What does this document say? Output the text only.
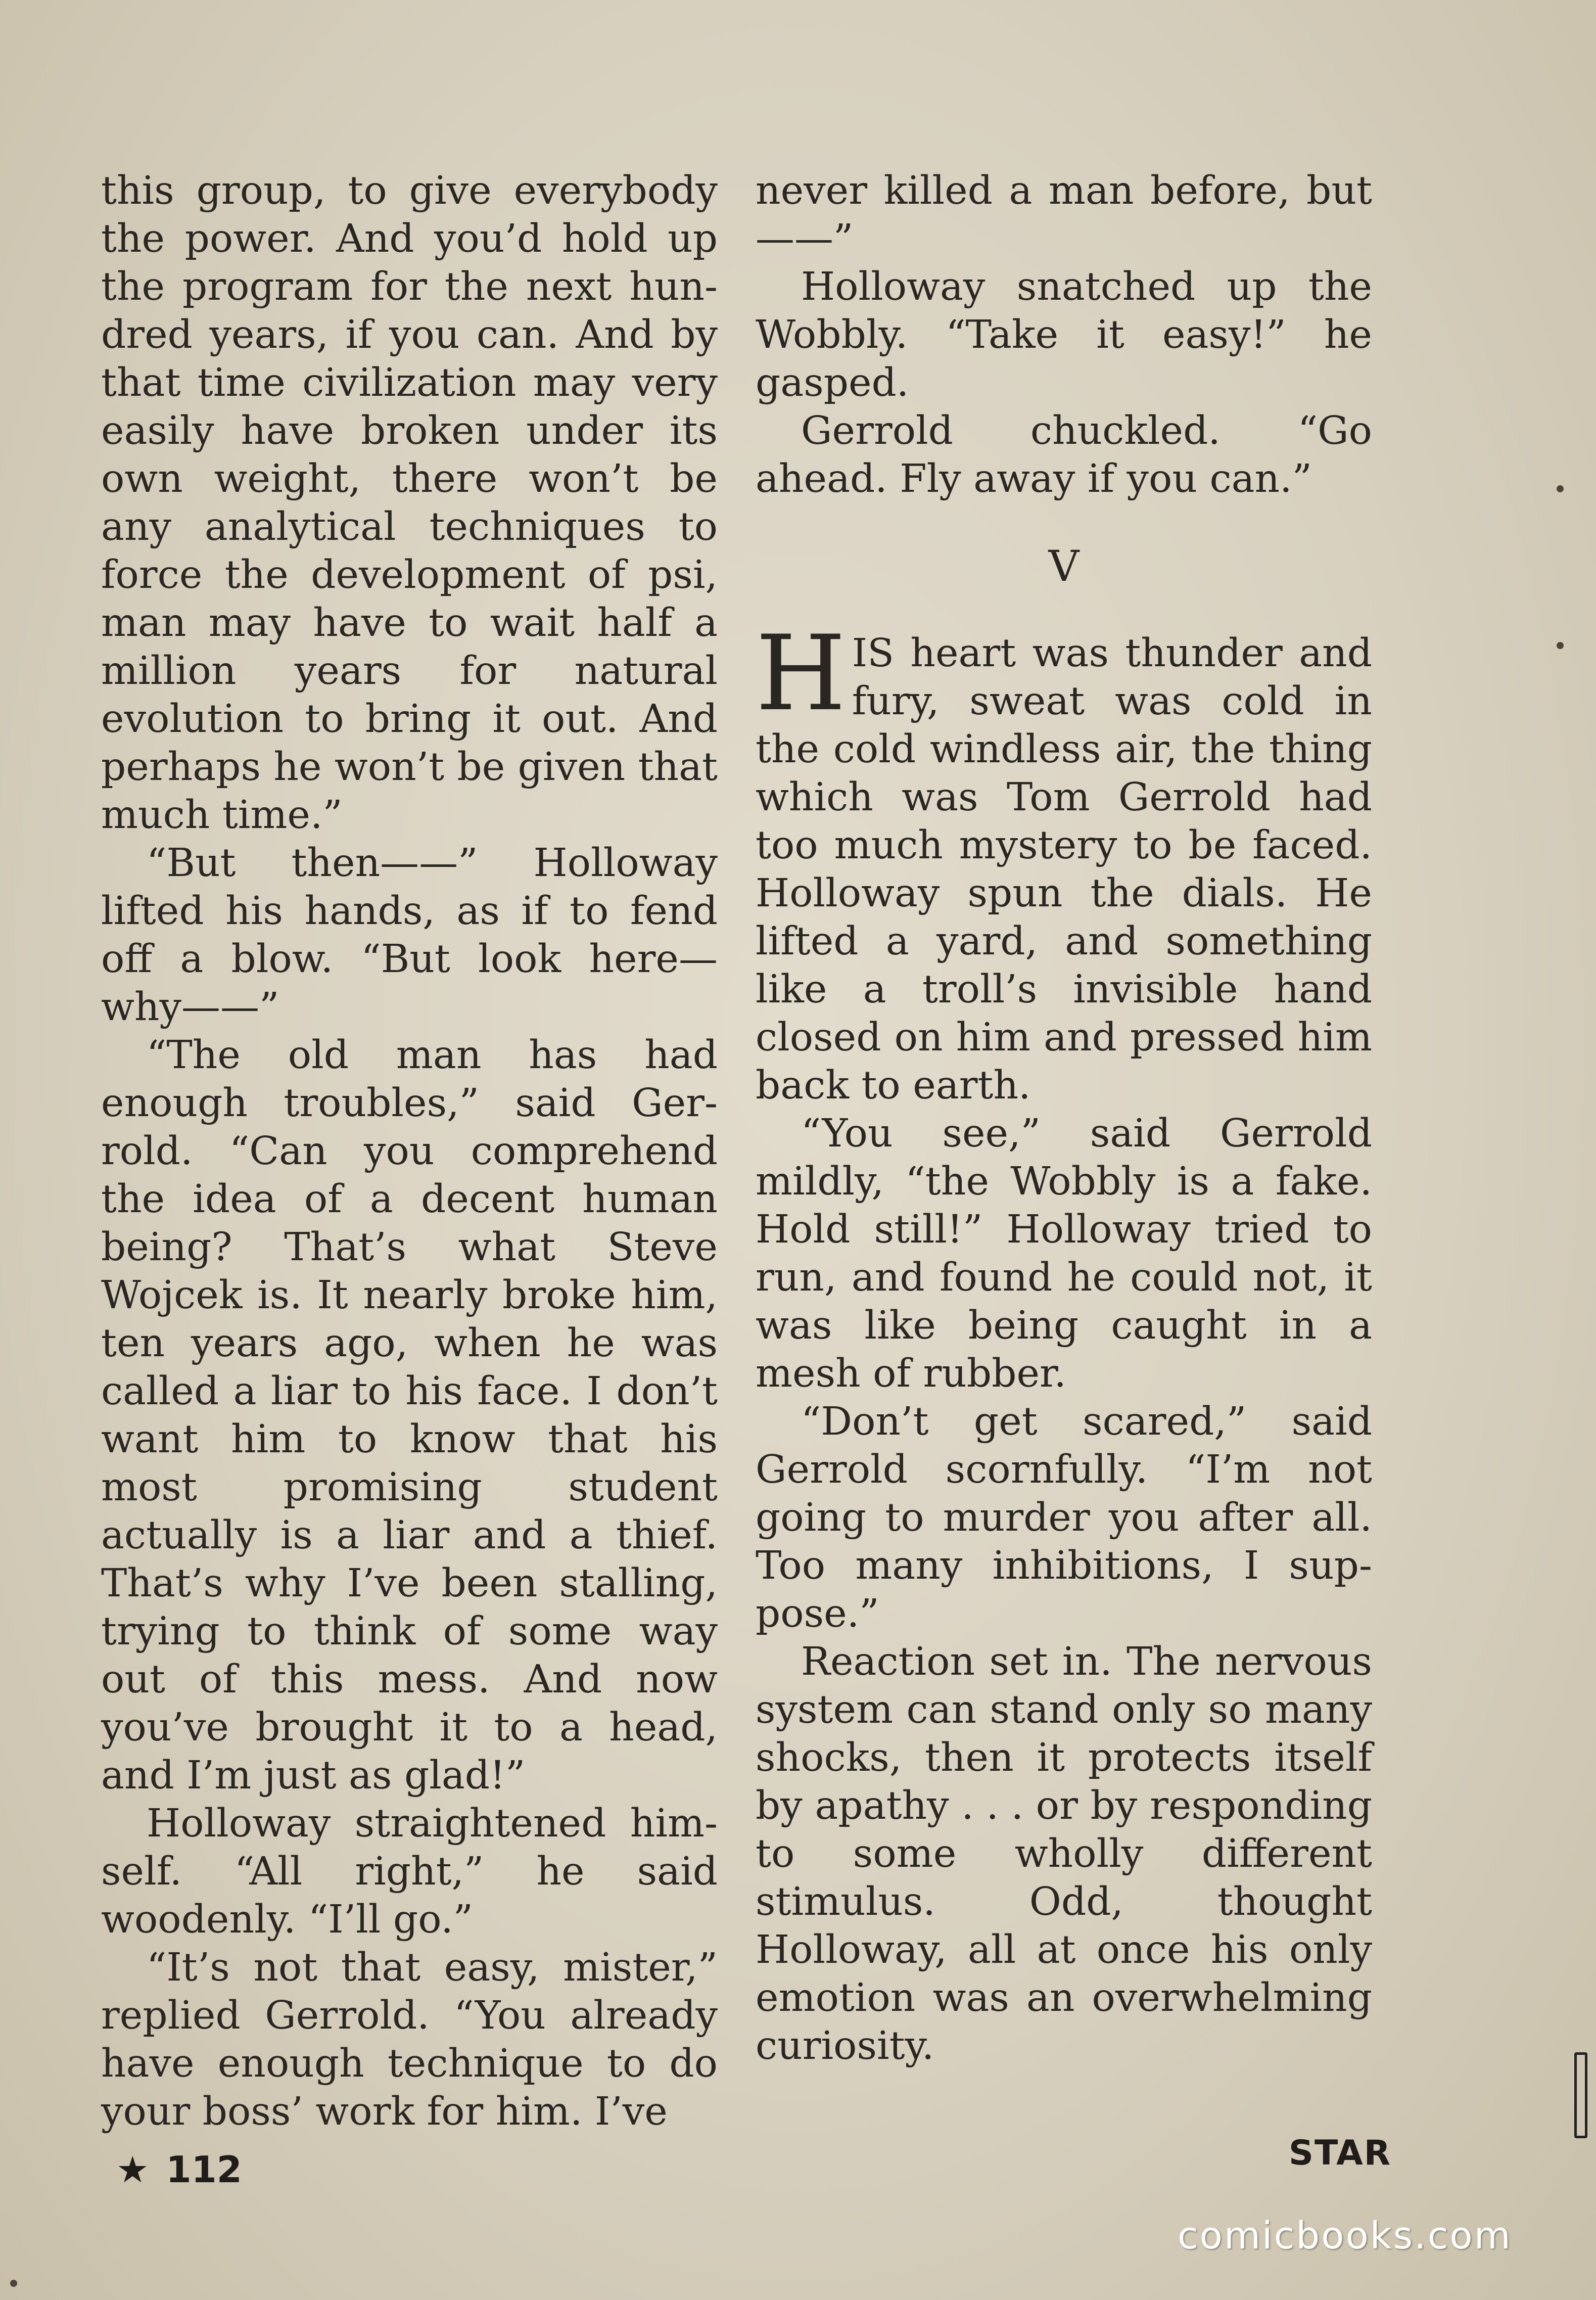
this group, to give everybody the power. And you’d hold up the program for the next hundred years, if you can. And by that time civilization may very easily have broken under its own weight, there won’t be any analytical techniques to force the development of psi, man may have to wait half a million years for natural evolution to bring it out. And perhaps he won’t be given that much time.”

“But then——” Holloway lifted his hands, as if to fend off a blow. “But look here— why——”

“The old man has had enough troubles,” said Gerrold. “Can you comprehend the idea of a decent human being? That’s what Steve Wojcek is. It nearly broke him, ten years ago, when he was called a liar to his face. I don’t want him to know that his most promising student actually is a liar and a thief. That’s why I’ve been stalling, trying to think of some way out of this mess. And now you’ve brought it to a head, and I’m just as glad!”

Holloway straightened himself. “All right,” he said woodenly. “I’ll go.”

“It’s not that easy, mister,” replied Gerrold. “You already have enough technique to do your boss’ work for him. I’ve

never killed a man before, but——”

Holloway snatched up the Wobbly. “Take it easy!” he gasped.

Gerrold chuckled. “Go ahead. Fly away if you can.”

V

HIS heart was thunder and fury, sweat was cold in the cold windless air, the thing which was Tom Gerrold had too much mystery to be faced. Holloway spun the dials. He lifted a yard, and something like a troll’s invisible hand closed on him and pressed him back to earth.

“You see,” said Gerrold mildly, “the Wobbly is a fake. Hold still!” Holloway tried to run, and found he could not, it was like being caught in a mesh of rubber.

“Don’t get scared,” said Gerrold scornfully. “I’m not going to murder you after all. Too many inhibitions, I suppose.”

Reaction set in. The nervous system can stand only so many shocks, then it protects itself by apathy . . . or by responding to some wholly different stimulus. Odd, thought Holloway, all at once his only emotion was an overwhelming curiosity.

★ 112	STAR
comicbooks.com
